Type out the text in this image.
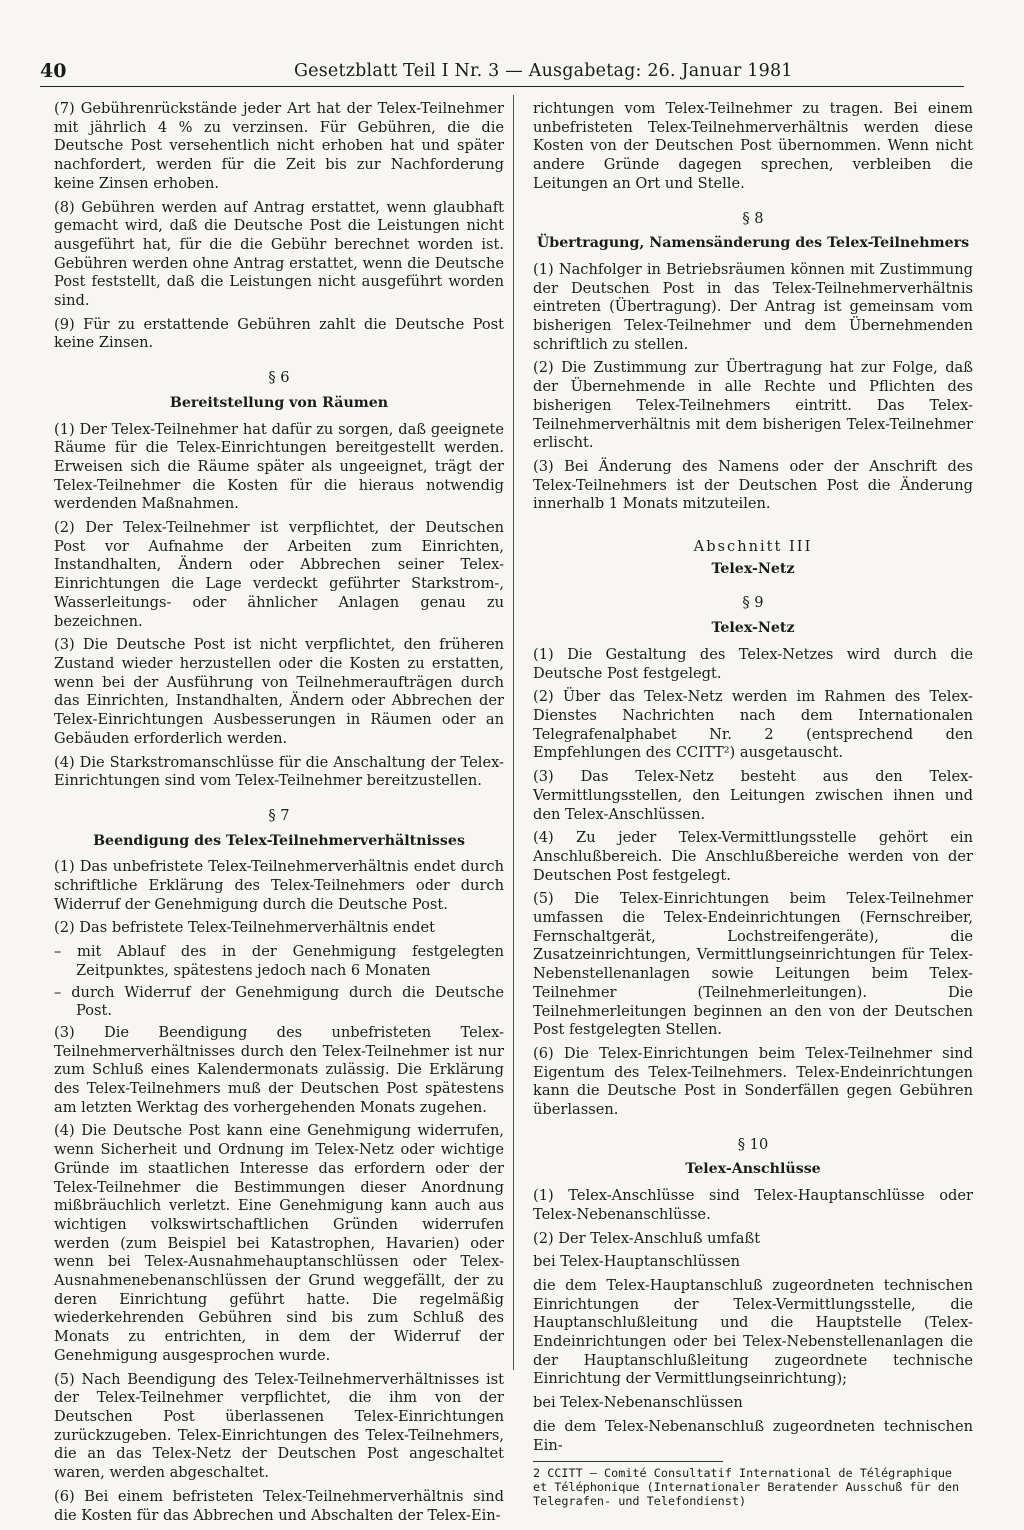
40	Gesetzblatt Teil I Nr. 3 — Ausgabetag: 26. Januar 1981

(7) Gebührenrückstände jeder Art hat der Telex-Teilnehmer mit jährlich 4 % zu verzinsen. Für Gebühren, die die Deutsche Post versehentlich nicht erhoben hat und später nachfordert, werden für die Zeit bis zur Nachforderung keine Zinsen erhoben.

(8) Gebühren werden auf Antrag erstattet, wenn glaubhaft gemacht wird, daß die Deutsche Post die Leistungen nicht ausgeführt hat, für die die Gebühr berechnet worden ist. Gebühren werden ohne Antrag erstattet, wenn die Deutsche Post feststellt, daß die Leistungen nicht ausgeführt worden sind.

(9) Für zu erstattende Gebühren zahlt die Deutsche Post keine Zinsen.

§ 6
Bereitstellung von Räumen

(1) Der Telex-Teilnehmer hat dafür zu sorgen, daß geeignete Räume für die Telex-Einrichtungen bereitgestellt werden. Erweisen sich die Räume später als ungeeignet, trägt der Telex-Teilnehmer die Kosten für die hieraus notwendig werdenden Maßnahmen.

(2) Der Telex-Teilnehmer ist verpflichtet, der Deutschen Post vor Aufnahme der Arbeiten zum Einrichten, Instandhalten, Ändern oder Abbrechen seiner Telex-Einrichtungen die Lage verdeckt geführter Starkstrom-, Wasserleitungs- oder ähnlicher Anlagen genau zu bezeichnen.

(3) Die Deutsche Post ist nicht verpflichtet, den früheren Zustand wieder herzustellen oder die Kosten zu erstatten, wenn bei der Ausführung von Teilnehmeraufträgen durch das Einrichten, Instandhalten, Ändern oder Abbrechen der Telex-Einrichtungen Ausbesserungen in Räumen oder an Gebäuden erforderlich werden.

(4) Die Starkstromanschlüsse für die Anschaltung der Telex-Einrichtungen sind vom Telex-Teilnehmer bereitzustellen.

§ 7
Beendigung des Telex-Teilnehmerverhältnisses

(1) Das unbefristete Telex-Teilnehmerverhältnis endet durch schriftliche Erklärung des Telex-Teilnehmers oder durch Widerruf der Genehmigung durch die Deutsche Post.

(2) Das befristete Telex-Teilnehmerverhältnis endet

– mit Ablauf des in der Genehmigung festgelegten Zeitpunktes, spätestens jedoch nach 6 Monaten

– durch Widerruf der Genehmigung durch die Deutsche Post.

(3) Die Beendigung des unbefristeten Telex-Teilnehmerverhältnisses durch den Telex-Teilnehmer ist nur zum Schluß eines Kalendermonats zulässig. Die Erklärung des Telex-Teilnehmers muß der Deutschen Post spätestens am letzten Werktag des vorhergehenden Monats zugehen.

(4) Die Deutsche Post kann eine Genehmigung widerrufen, wenn Sicherheit und Ordnung im Telex-Netz oder wichtige Gründe im staatlichen Interesse das erfordern oder der Telex-Teilnehmer die Bestimmungen dieser Anordnung mißbräuchlich verletzt. Eine Genehmigung kann auch aus wichtigen volkswirtschaftlichen Gründen widerrufen werden (zum Beispiel bei Katastrophen, Havarien) oder wenn bei Telex-Ausnahmehauptanschlüssen oder Telex-Ausnahmenebenanschlüssen der Grund weggefällt, der zu deren Einrichtung geführt hatte. Die regelmäßig wiederkehrenden Gebühren sind bis zum Schluß des Monats zu entrichten, in dem der Widerruf der Genehmigung ausgesprochen wurde.

(5) Nach Beendigung des Telex-Teilnehmerverhältnisses ist der Telex-Teilnehmer verpflichtet, die ihm von der Deutschen Post überlassenen Telex-Einrichtungen zurückzugeben. Telex-Einrichtungen des Telex-Teilnehmers, die an das Telex-Netz der Deutschen Post angeschaltet waren, werden abgeschaltet.

(6) Bei einem befristeten Telex-Teilnehmerverhältnis sind die Kosten für das Abbrechen und Abschalten der Telex-Ein-

richtungen vom Telex-Teilnehmer zu tragen. Bei einem unbefristeten Telex-Teilnehmerverhältnis werden diese Kosten von der Deutschen Post übernommen. Wenn nicht andere Gründe dagegen sprechen, verbleiben die Leitungen an Ort und Stelle.

§ 8
Übertragung, Namensänderung des Telex-Teilnehmers

(1) Nachfolger in Betriebsräumen können mit Zustimmung der Deutschen Post in das Telex-Teilnehmerverhältnis eintreten (Übertragung). Der Antrag ist gemeinsam vom bisherigen Telex-Teilnehmer und dem Übernehmenden schriftlich zu stellen.

(2) Die Zustimmung zur Übertragung hat zur Folge, daß der Übernehmende in alle Rechte und Pflichten des bisherigen Telex-Teilnehmers eintritt. Das Telex-Teilnehmerverhältnis mit dem bisherigen Telex-Teilnehmer erlischt.

(3) Bei Änderung des Namens oder der Anschrift des Telex-Teilnehmers ist der Deutschen Post die Änderung innerhalb 1 Monats mitzuteilen.

Abschnitt III
Telex-Netz
§ 9
Telex-Netz

(1) Die Gestaltung des Telex-Netzes wird durch die Deutsche Post festgelegt.

(2) Über das Telex-Netz werden im Rahmen des Telex-Dienstes Nachrichten nach dem Internationalen Telegrafenalphabet Nr. 2 (entsprechend den Empfehlungen des CCITT²) ausgetauscht.

(3) Das Telex-Netz besteht aus den Telex-Vermittlungsstellen, den Leitungen zwischen ihnen und den Telex-Anschlüssen.

(4) Zu jeder Telex-Vermittlungsstelle gehört ein Anschlußbereich. Die Anschlußbereiche werden von der Deutschen Post festgelegt.

(5) Die Telex-Einrichtungen beim Telex-Teilnehmer umfassen die Telex-Endeinrichtungen (Fernschreiber, Fernschaltgerät, Lochstreifengeräte), die Zusatzeinrichtungen, Vermittlungseinrichtungen für Telex-Nebenstellenanlagen sowie Leitungen beim Telex-Teilnehmer (Teilnehmerleitungen). Die Teilnehmerleitungen beginnen an den von der Deutschen Post festgelegten Stellen.

(6) Die Telex-Einrichtungen beim Telex-Teilnehmer sind Eigentum des Telex-Teilnehmers. Telex-Endeinrichtungen kann die Deutsche Post in Sonderfällen gegen Gebühren überlassen.

§ 10
Telex-Anschlüsse

(1) Telex-Anschlüsse sind Telex-Hauptanschlüsse oder Telex-Nebenanschlüsse.

(2) Der Telex-Anschluß umfaßt

bei Telex-Hauptanschlüssen

die dem Telex-Hauptanschluß zugeordneten technischen Einrichtungen der Telex-Vermittlungsstelle, die Hauptanschlußleitung und die Hauptstelle (Telex-Endeinrichtungen oder bei Telex-Nebenstellenanlagen die der Hauptanschlußleitung zugeordnete technische Einrichtung der Vermittlungseinrichtung);

bei Telex-Nebenanschlüssen

die dem Telex-Nebenanschluß zugeordneten technischen Ein-

2 CCITT — Comité Consultatif International de Télégraphique et Téléphonique (Internationaler Beratender Ausschuß für den Telegrafen- und Telefondienst)
